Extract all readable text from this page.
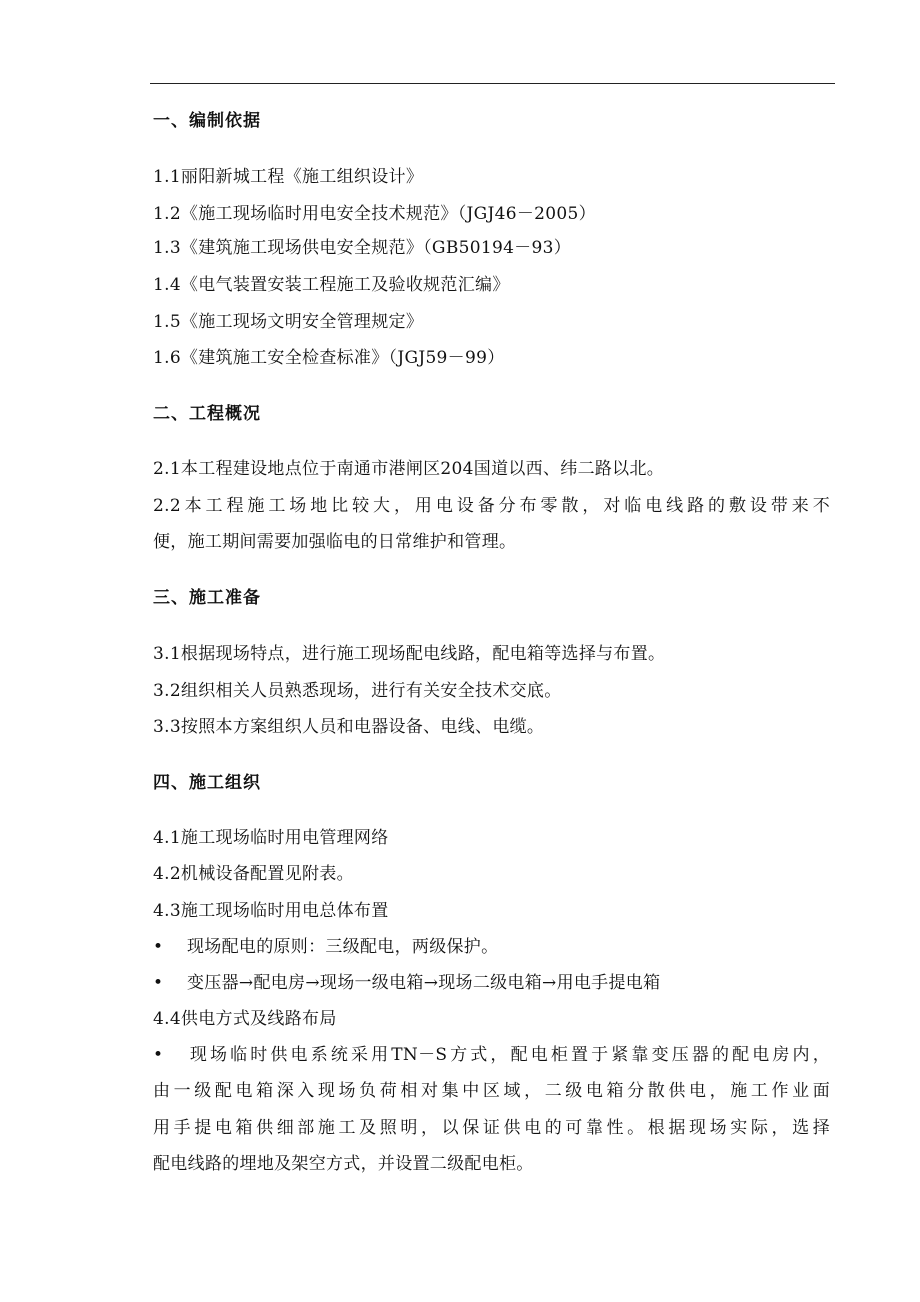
一、编制依据
1.1丽阳新城工程《施工组织设计》
1.2《施工现场临时用电安全技术规范》（JGJ46－2005）
1.3《建筑施工现场供电安全规范》（GB50194－93）
1.4《电气装置安装工程施工及验收规范汇编》
1.5《施工现场文明安全管理规定》
1.6《建筑施工安全检查标准》（JGJ59－99）
二、工程概况
2.1本工程建设地点位于南通市港闸区204国道以西、纬二路以北。
2.2本工程施工场地比较大，用电设备分布零散，对临电线路的敷设带来不
便，施工期间需要加强临电的日常维护和管理。
三、施工准备
3.1根据现场特点，进行施工现场配电线路，配电箱等选择与布置。
3.2组织相关人员熟悉现场，进行有关安全技术交底。
3.3按照本方案组织人员和电器设备、电线、电缆。
四、施工组织
4.1施工现场临时用电管理网络
4.2机械设备配置见附表。
4.3施工现场临时用电总体布置
• 现场配电的原则：三级配电，两级保护。
• 变压器→配电房→现场一级电箱→现场二级电箱→用电手提电箱
4.4供电方式及线路布局
• 现场临时供电系统采用TN－S方式，配电柜置于紧靠变压器的配电房内，
由一级配电箱深入现场负荷相对集中区域，二级电箱分散供电，施工作业面
用手提电箱供细部施工及照明，以保证供电的可靠性。根据现场实际，选择
配电线路的埋地及架空方式，并设置二级配电柜。
